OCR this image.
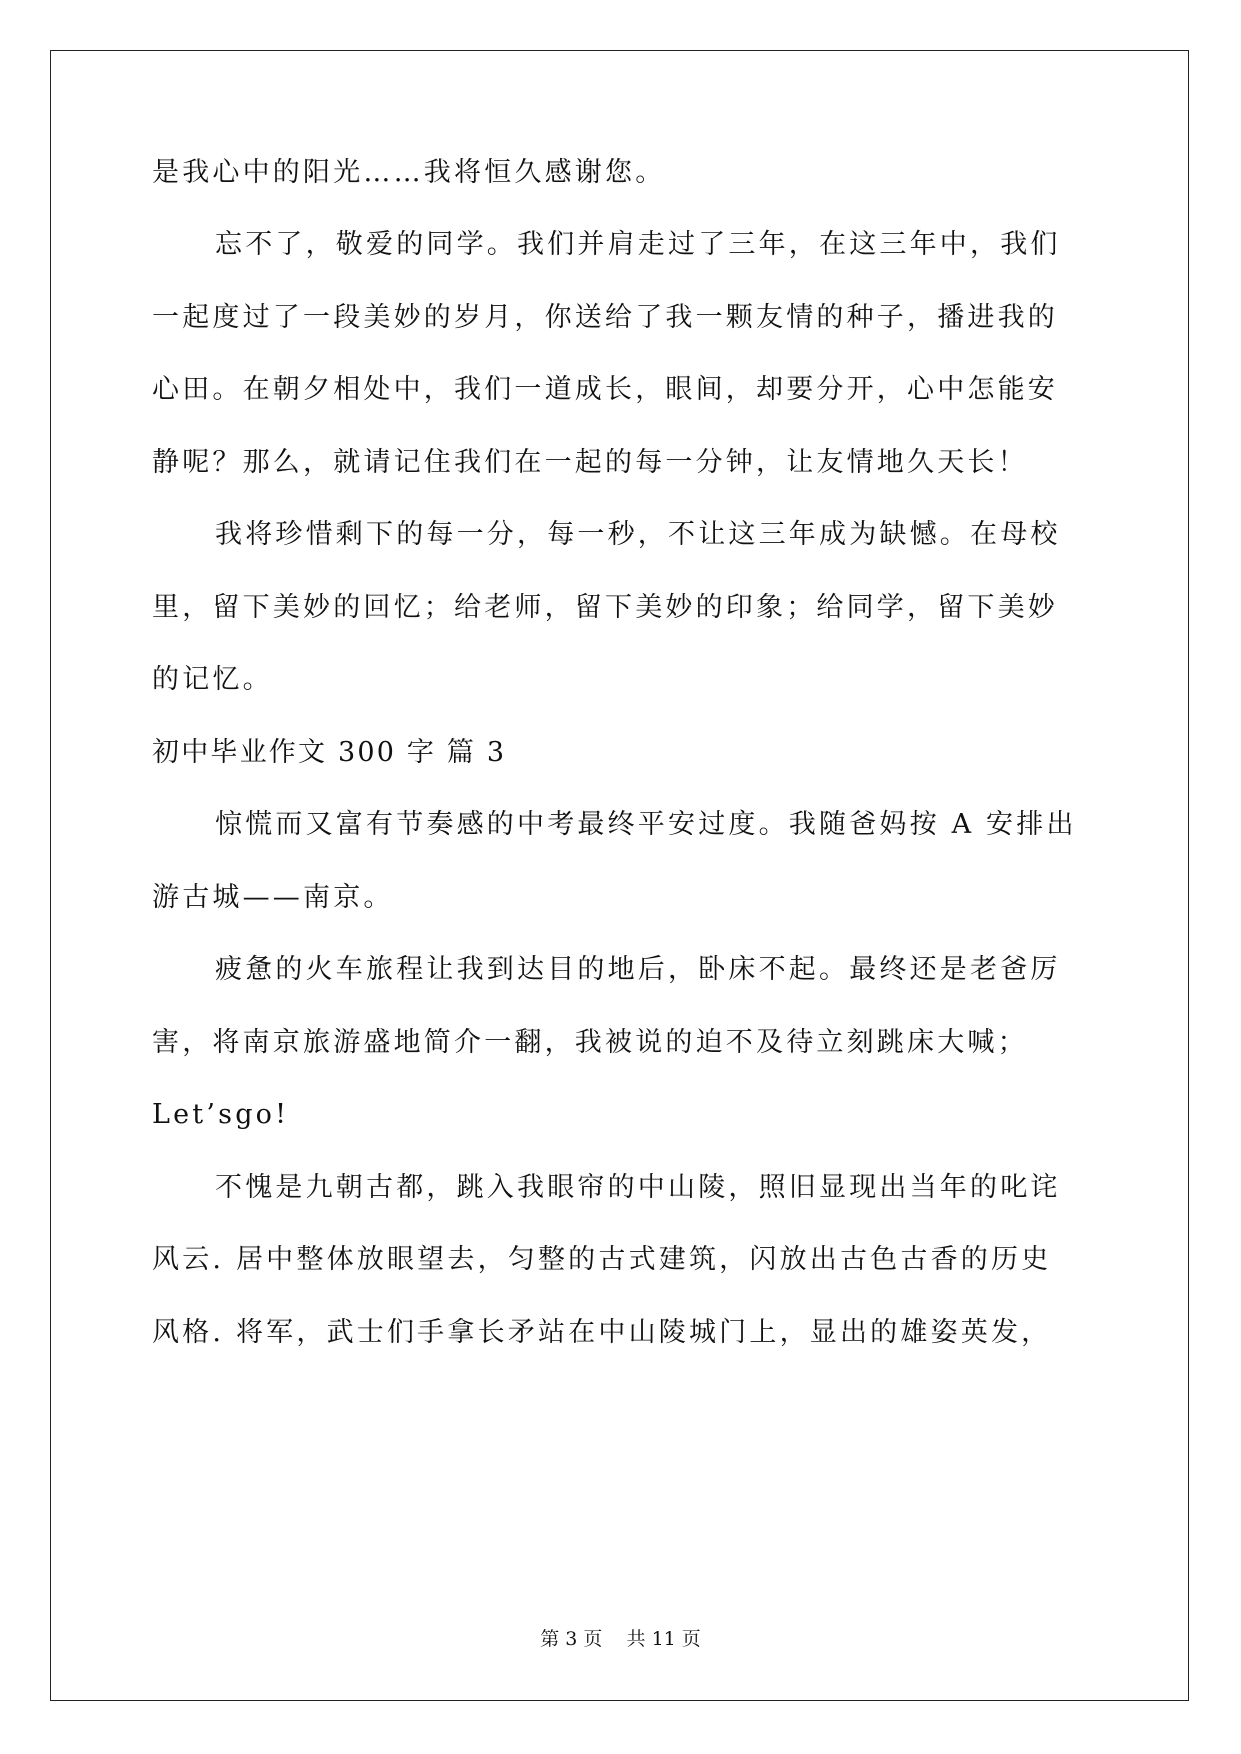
是我心中的阳光……我将恒久感谢您。
忘不了，敬爱的同学。我们并肩走过了三年，在这三年中，我们
一起度过了一段美妙的岁月，你送给了我一颗友情的种子，播进我的
心田。在朝夕相处中，我们一道成长，眼间，却要分开，心中怎能安
静呢？那么，就请记住我们在一起的每一分钟，让友情地久天长！
我将珍惜剩下的每一分，每一秒，不让这三年成为缺憾。在母校
里，留下美妙的回忆；给老师，留下美妙的印象；给同学，留下美妙
的记忆。
初中毕业作文 300 字 篇 3
惊慌而又富有节奏感的中考最终平安过度。我随爸妈按 A 安排出
游古城——南京。
疲惫的火车旅程让我到达目的地后，卧床不起。最终还是老爸厉
害，将南京旅游盛地简介一翻，我被说的迫不及待立刻跳床大喊；
Let’sgo!
不愧是九朝古都，跳入我眼帘的中山陵，照旧显现出当年的叱诧
风云. 居中整体放眼望去，匀整的古式建筑，闪放出古色古香的历史
风格. 将军，武士们手拿长矛站在中山陵城门上，显出的雄姿英发，
第 3 页    共 11 页
